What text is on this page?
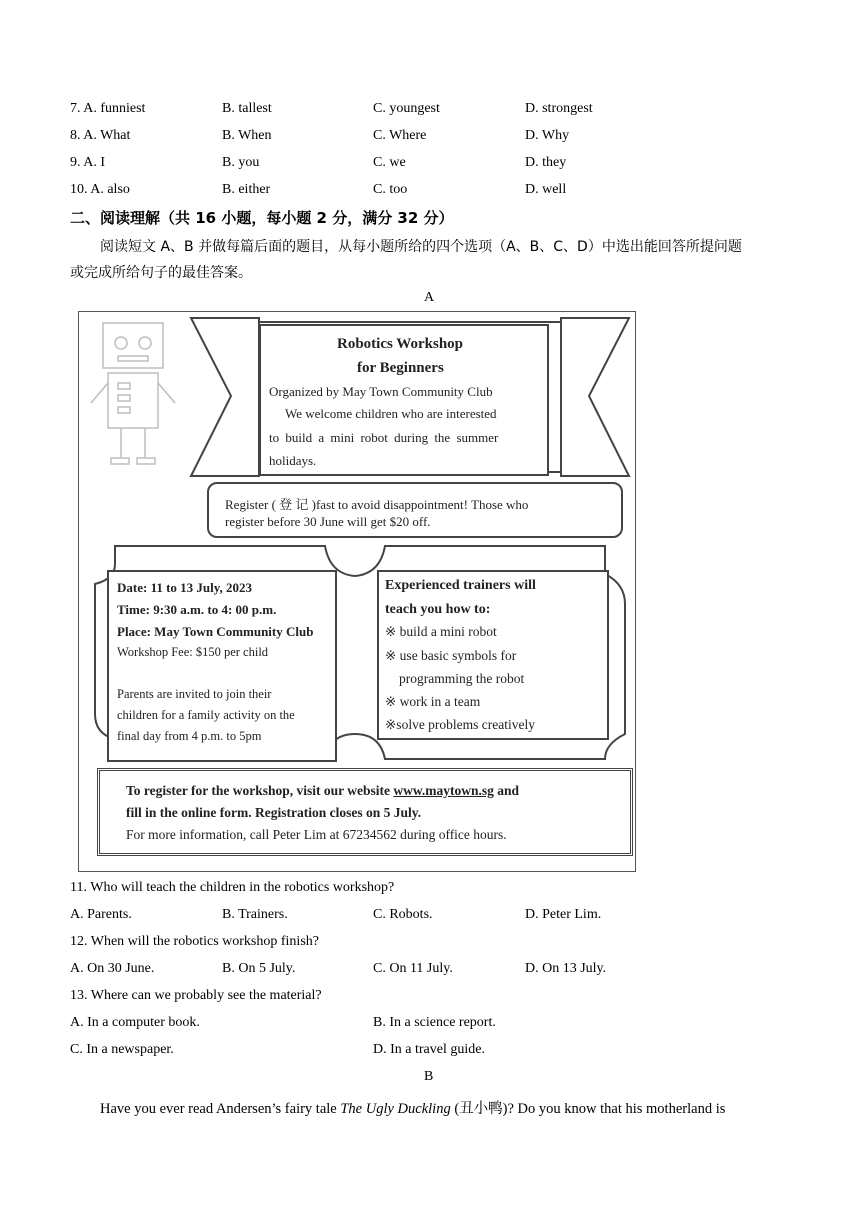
7. A. funniest	B. tallest	C. youngest	D. strongest
8. A. What	B. When	C. Where	D. Why
9. A. I	B. you	C. we	D. they
10. A. also	B. either	C. too	D. well
二、阅读理解（共 16 小题，每小题 2 分，满分 32 分）
阅读短文 A、B 并做每篇后面的题目，从每小题所给的四个选项（A、B、C、D）中选出能回答所提问题
或完成所给句子的最佳答案。
A
Robotics Workshop
for Beginners
Organized by May Town Community Club
We welcome children who are interested
to build a mini robot during the summer
holidays.
Register ( 登 记 )fast to avoid disappointment! Those who
register before 30 June will get $20 off.
Date: 11 to 13 July, 2023
Time: 9:30 a.m. to 4: 00 p.m.
Place: May Town Community Club
Workshop Fee: $150 per child
Parents are invited to join their
children for a family activity on the
final day from 4 p.m. to 5pm
Experienced trainers will
teach you how to:
※ build a mini robot
※ use basic symbols for
programming the robot
※ work in a team
※solve problems creatively
To register for the workshop, visit our website www.maytown.sg and
fill in the online form. Registration closes on 5 July.
For more information, call Peter Lim at 67234562 during office hours.
11. Who will teach the children in the robotics workshop?
A. Parents.	B. Trainers.	C. Robots.	D. Peter Lim.
12. When will the robotics workshop finish?
A. On 30 June.	B. On 5 July.	C. On 11 July.	D. On 13 July.
13. Where can we probably see the material?
A. In a computer book.	B. In a science report.
C. In a newspaper.	D. In a travel guide.
B
Have you ever read Andersen’s fairy tale The Ugly Duckling (丑小鸭)? Do you know that his motherland is
